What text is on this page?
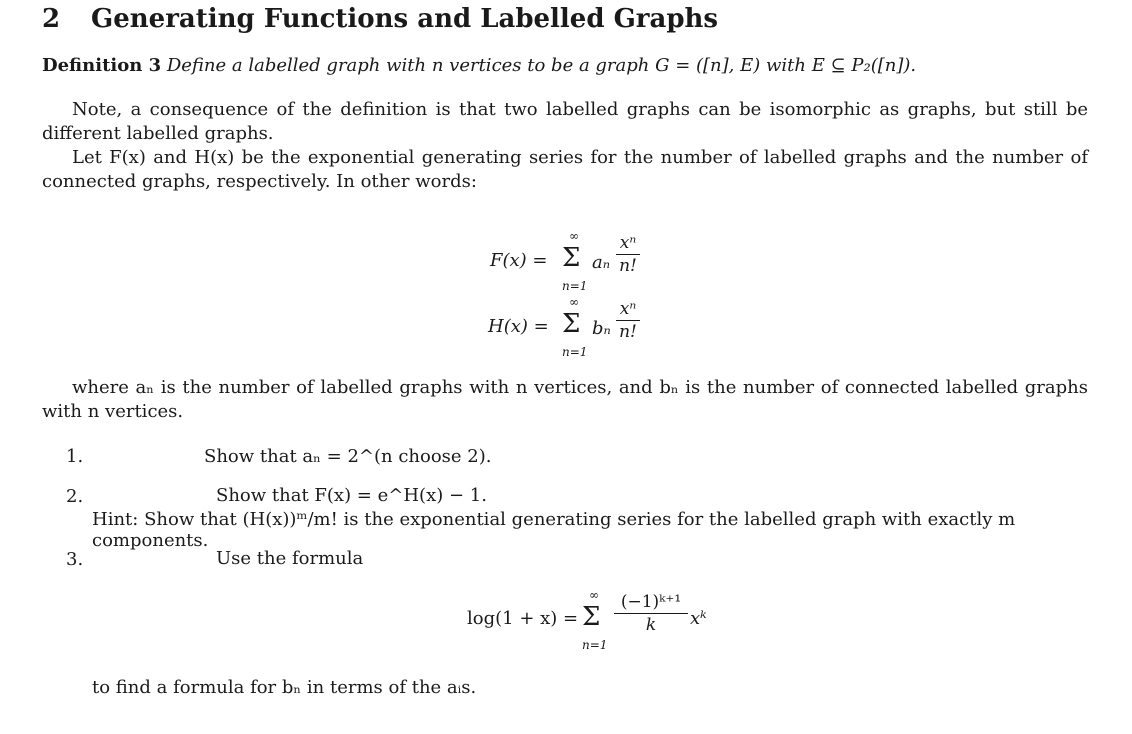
2 Generating Functions and Labelled Graphs
Definition 3 Define a labelled graph with n vertices to be a graph G = ([n], E) with E ⊆ P₂([n]).
Note, a consequence of the definition is that two labelled graphs can be isomorphic as graphs, but still be different labelled graphs.
Let F(x) and H(x) be the exponential generating series for the number of labelled graphs and the number of connected graphs, respectively. In other words:
F(x) =
∞
Σ
n=1
aₙ
xⁿ
n!
H(x) =
∞
Σ
n=1
bₙ
xⁿ
n!
where aₙ is the number of labelled graphs with n vertices, and bₙ is the number of connected labelled graphs with n vertices.
1.	Show that aₙ = 2^(n choose 2).
2.	Show that F(x) = e^H(x) − 1.
Hint: Show that (H(x))ᵐ/m! is the exponential generating series for the labelled graph with exactly m components.
3.	Use the formula
log(1 + x) =
∞
Σ
n=1
(−1)ᵏ⁺¹
k	xᵏ
to find a formula for bₙ in terms of the aᵢs.
